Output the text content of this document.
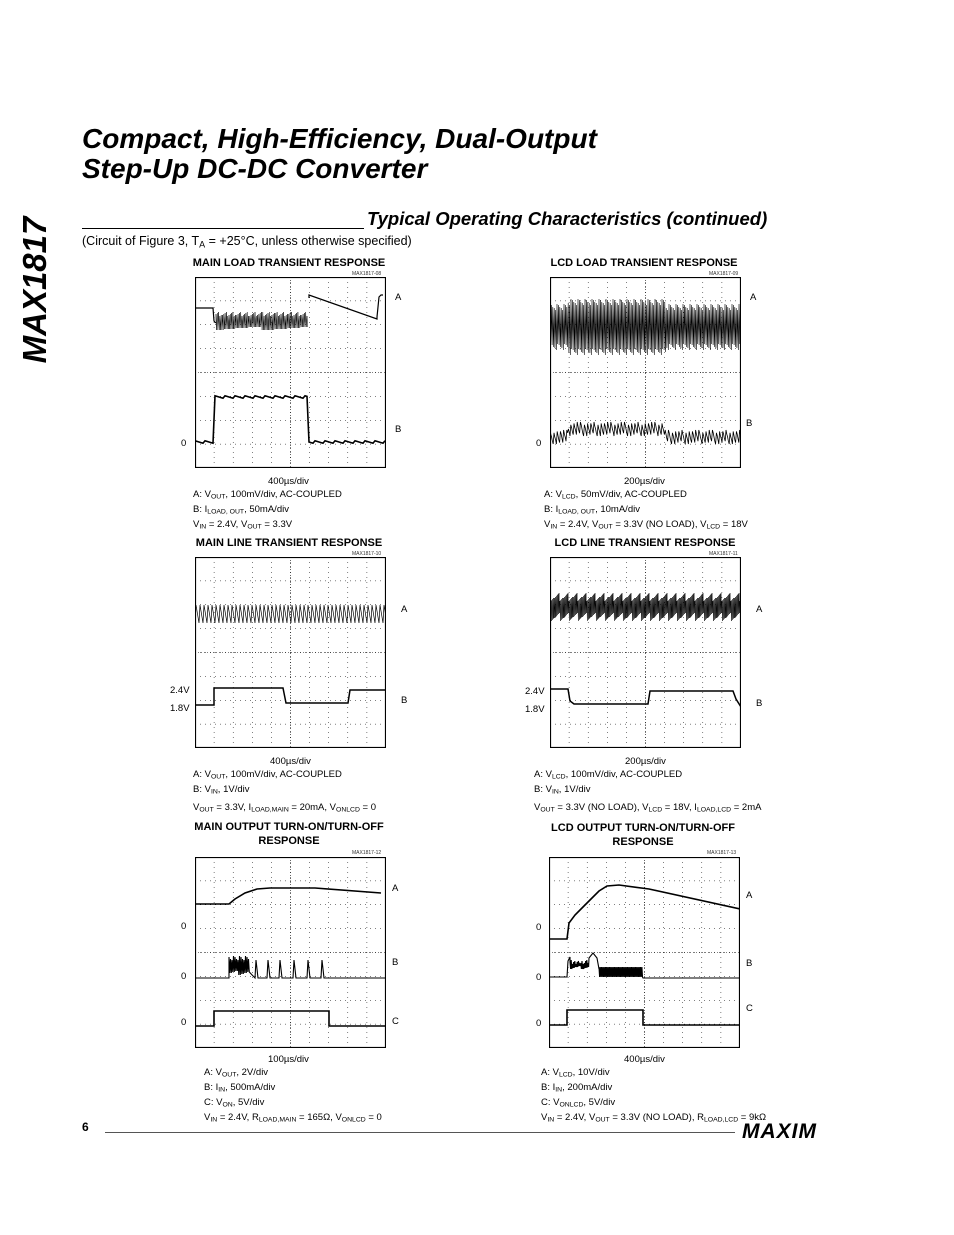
MAX1817
Compact, High-Efficiency, Dual-Output
Step-Up DC-DC Converter
Typical Operating Characteristics (continued)
(Circuit of Figure 3, $T_A = +25^\circ C$, unless otherwise specified)
MAIN LOAD TRANSIENT RESPONSE
MAX1817-08
A
B
0
400µs/div
A: $V_{OUT}$, 100mV/div, AC-COUPLED
B: $I_{LOAD, OUT}$, 50mA/div
$V_{IN} = 2.4V$, $V_{OUT} = 3.3V$
LCD LOAD TRANSIENT RESPONSE
MAX1817-09
A
B
0
200µs/div
A: $V_{LCD}$, 50mV/div, AC-COUPLED
B: $I_{LOAD, OUT}$, 10mA/div
$V_{IN} = 2.4V$, $V_{OUT} = 3.3V$ (NO LOAD), $V_{LCD} = 18V$
MAIN LINE TRANSIENT RESPONSE
MAX1817-10
A
B
2.4V
1.8V
400µs/div
A: $V_{OUT}$, 100mV/div, AC-COUPLED
B: $V_{IN}$, 1V/div
$V_{OUT} = 3.3V$, $I_{LOAD,MAIN} = 20mA$, $V_{ONLCD} = 0$
LCD LINE TRANSIENT RESPONSE
MAX1817-11
A
B
2.4V
1.8V
200µs/div
A: $V_{LCD}$, 100mV/div, AC-COUPLED
B: $V_{IN}$, 1V/div
$V_{OUT} = 3.3V$ (NO LOAD), $V_{LCD} = 18V$, $I_{LOAD,LCD} = 2mA$
MAIN OUTPUT TURN-ON/TURN-OFF
RESPONSE
MAX1817-12
A
B
C
0
0
0
100µs/div
A: $V_{OUT}$, 2V/div
B: $I_{IN}$, 500mA/div
C: $V_{ON}$, 5V/div
$V_{IN} = 2.4V$, $R_{LOAD,MAIN} = 165\Omega$, $V_{ONLCD} = 0$
LCD OUTPUT TURN-ON/TURN-OFF
RESPONSE
MAX1817-13
A
B
C
0
0
0
400µs/div
A: $V_{LCD}$, 10V/div
B: $I_{IN}$, 200mA/div
C: $V_{ONLCD}$, 5V/div
$V_{IN} = 2.4V$, $V_{OUT} = 3.3V$ (NO LOAD), $R_{LOAD,LCD} = 9k\Omega$
6	MAXIM
